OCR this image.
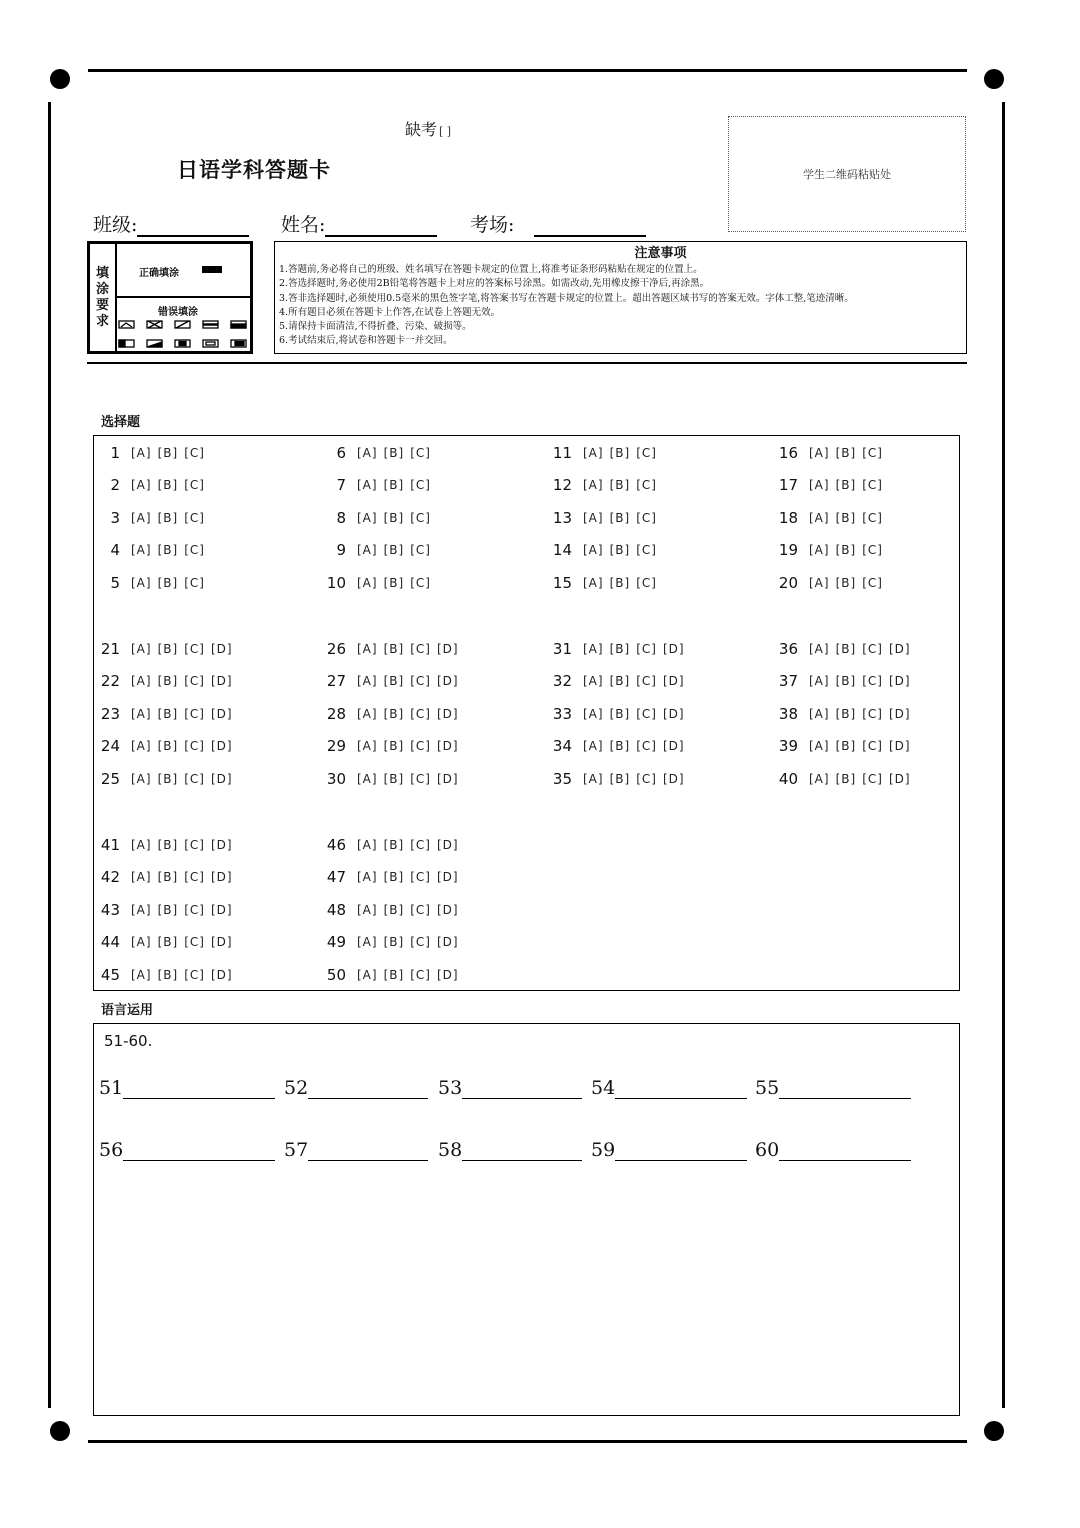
缺考 [ ]
学生二维码粘贴处
日语学科答题卡
班级:	姓名:	考场:
填
涂
要
求
正确填涂
错误填涂
注意事项
1.答题前,务必将自己的班级、姓名填写在答题卡规定的位置上,将准考证条形码粘贴在规定的位置上。
2.答选择题时,务必使用2B铅笔将答题卡上对应的答案标号涂黑。如需改动,先用橡皮擦干净后,再涂黑。
3.答非选择题时,必须使用0.5毫米的黑色签字笔,将答案书写在答题卡规定的位置上。超出答题区域书写的答案无效。字体工整,笔迹清晰。
4.所有题目必须在答题卡上作答,在试卷上答题无效。
5.请保持卡面清洁,不得折叠、污染、破损等。
6.考试结束后,将试卷和答题卡一并交回。
选择题
1 [A] [B] [C]
2 [A] [B] [C]
3 [A] [B] [C]
4 [A] [B] [C]
5 [A] [B] [C]
6 [A] [B] [C]
7 [A] [B] [C]
8 [A] [B] [C]
9 [A] [B] [C]
10 [A] [B] [C]
11 [A] [B] [C]
12 [A] [B] [C]
13 [A] [B] [C]
14 [A] [B] [C]
15 [A] [B] [C]
16 [A] [B] [C]
17 [A] [B] [C]
18 [A] [B] [C]
19 [A] [B] [C]
20 [A] [B] [C]
21 [A] [B] [C] [D]
22 [A] [B] [C] [D]
23 [A] [B] [C] [D]
24 [A] [B] [C] [D]
25 [A] [B] [C] [D]
26 [A] [B] [C] [D]
27 [A] [B] [C] [D]
28 [A] [B] [C] [D]
29 [A] [B] [C] [D]
30 [A] [B] [C] [D]
31 [A] [B] [C] [D]
32 [A] [B] [C] [D]
33 [A] [B] [C] [D]
34 [A] [B] [C] [D]
35 [A] [B] [C] [D]
36 [A] [B] [C] [D]
37 [A] [B] [C] [D]
38 [A] [B] [C] [D]
39 [A] [B] [C] [D]
40 [A] [B] [C] [D]
41 [A] [B] [C] [D]
42 [A] [B] [C] [D]
43 [A] [B] [C] [D]
44 [A] [B] [C] [D]
45 [A] [B] [C] [D]
46 [A] [B] [C] [D]
47 [A] [B] [C] [D]
48 [A] [B] [C] [D]
49 [A] [B] [C] [D]
50 [A] [B] [C] [D]
语言运用
51-60.
51	52	53	54	55
56	57	58	59	60
